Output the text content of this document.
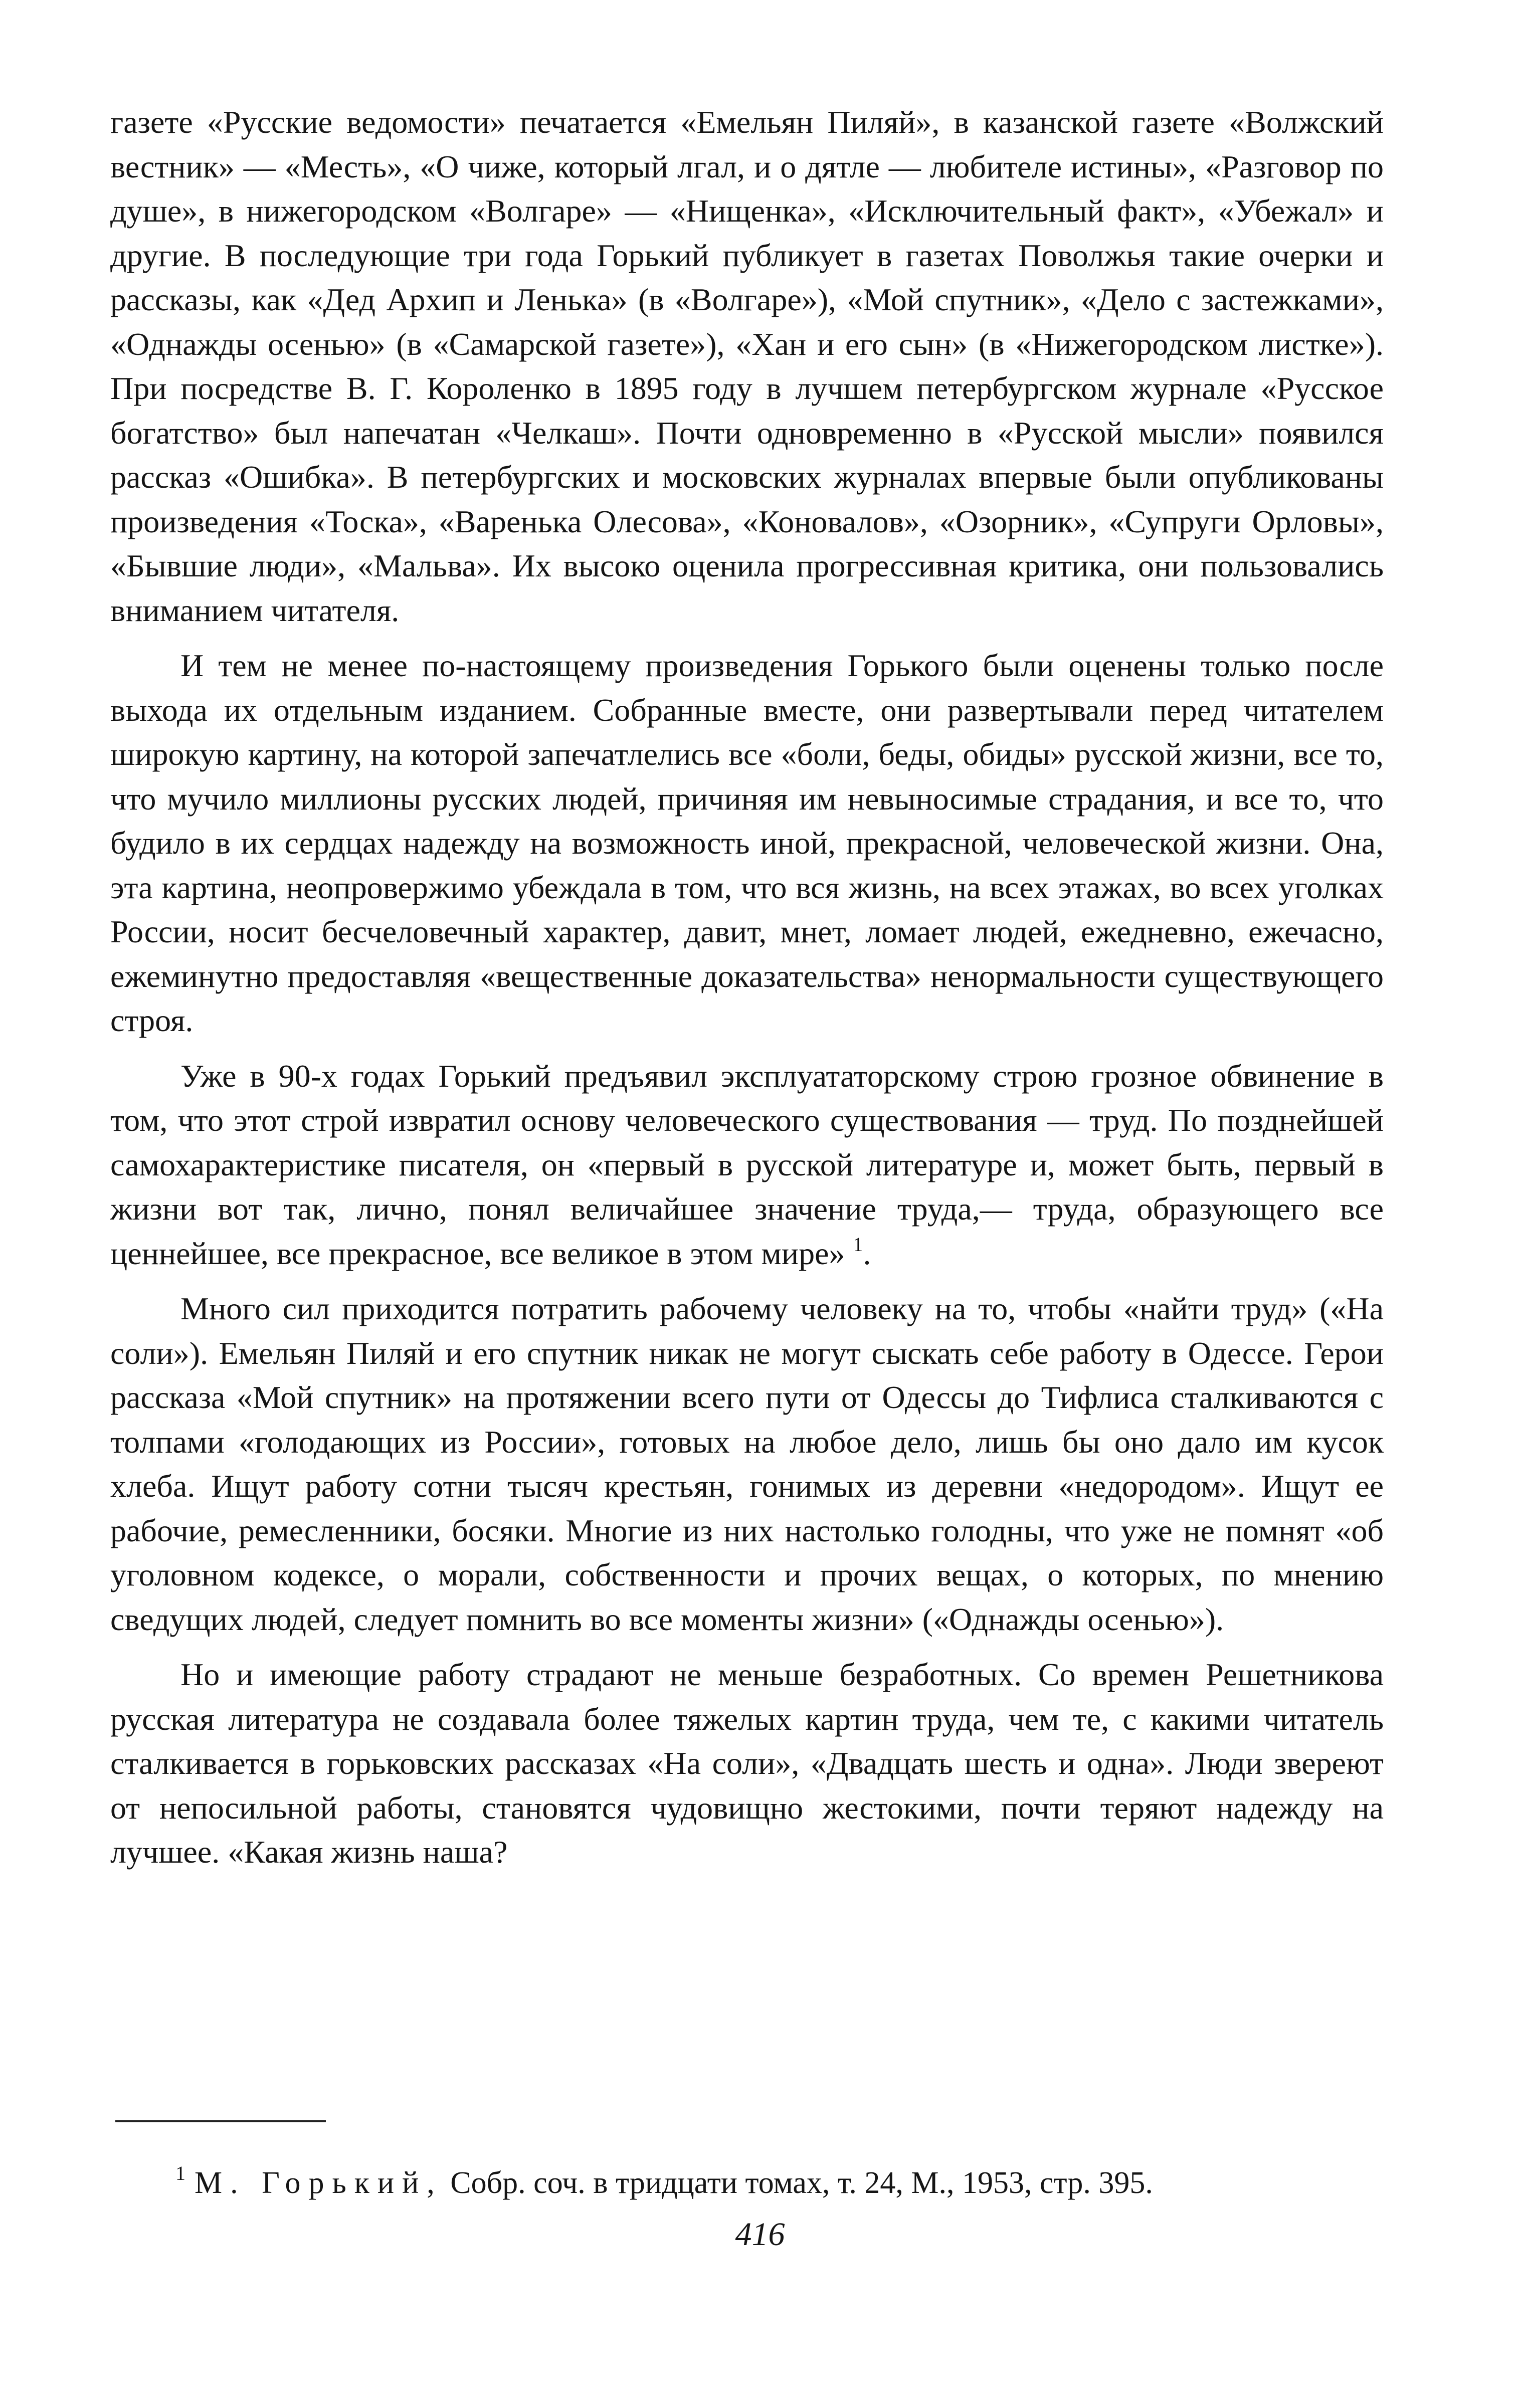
газете «Русские ведомости» печатается «Емельян Пиляй», в казанской газете «Волжский вестник» — «Месть», «О чиже, который лгал, и о дятле — любителе истины», «Разговор по душе», в нижегородском «Волгаре» — «Нищенка», «Исключительный факт», «Убежал» и другие. В последующие три года Горький публикует в газетах Поволжья такие очерки и рассказы, как «Дед Архип и Ленька» (в «Волгаре»), «Мой спутник», «Дело с застежками», «Однажды осенью» (в «Самарской газете»), «Хан и его сын» (в «Нижегородском листке»). При посредстве В. Г. Короленко в 1895 году в лучшем петербургском журнале «Русское богатство» был напечатан «Челкаш». Почти одновременно в «Русской мысли» появился рассказ «Ошибка». В петербургских и московских журналах впервые были опубликованы произведения «Тоска», «Варенька Олесова», «Коновалов», «Озорник», «Супруги Орловы», «Бывшие люди», «Мальва». Их высоко оценила прогрессивная критика, они пользовались вниманием читателя.

И тем не менее по-настоящему произведения Горького были оценены только после выхода их отдельным изданием. Собранные вместе, они развертывали перед читателем широкую картину, на которой запечатлелись все «боли, беды, обиды» русской жизни, все то, что мучило миллионы русских людей, причиняя им невыносимые страдания, и все то, что будило в их сердцах надежду на возможность иной, прекрасной, человеческой жизни. Она, эта картина, неопровержимо убеждала в том, что вся жизнь, на всех этажах, во всех уголках России, носит бесчеловечный характер, давит, мнет, ломает людей, ежедневно, ежечасно, ежеминутно предоставляя «вещественные доказательства» ненормальности существующего строя.

Уже в 90-х годах Горький предъявил эксплуататорскому строю грозное обвинение в том, что этот строй извратил основу человеческого существования — труд. По позднейшей самохарактеристике писателя, он «первый в русской литературе и, может быть, первый в жизни вот так, лично, понял величайшее значение труда,— труда, образующего все ценнейшее, все прекрасное, все великое в этом мире» $^1$.

Много сил приходится потратить рабочему человеку на то, чтобы «найти труд» («На соли»). Емельян Пиляй и его спутник никак не могут сыскать себе работу в Одессе. Герои рассказа «Мой спутник» на протяжении всего пути от Одессы до Тифлиса сталкиваются с толпами «голодающих из России», готовых на любое дело, лишь бы оно дало им кусок хлеба. Ищут работу сотни тысяч крестьян, гонимых из деревни «недородом». Ищут ее рабочие, ремесленники, босяки. Многие из них настолько голодны, что уже не помнят «об уголовном кодексе, о морали, собственности и прочих вещах, о которых, по мнению сведущих людей, следует помнить во все моменты жизни» («Однажды осенью»).

Но и имеющие работу страдают не меньше безработных. Со времен Решетникова русская литература не создавала более тяжелых картин труда, чем те, с какими читатель сталкивается в горьковских рассказах «На соли», «Двадцать шесть и одна». Люди звереют от непосильной работы, становятся чудовищно жестокими, почти теряют надежду на лучшее. «Какая жизнь наша?

$^1$ М. Горький, Собр. соч. в тридцати томах, т. 24, М., 1953, стр. 395.
416
